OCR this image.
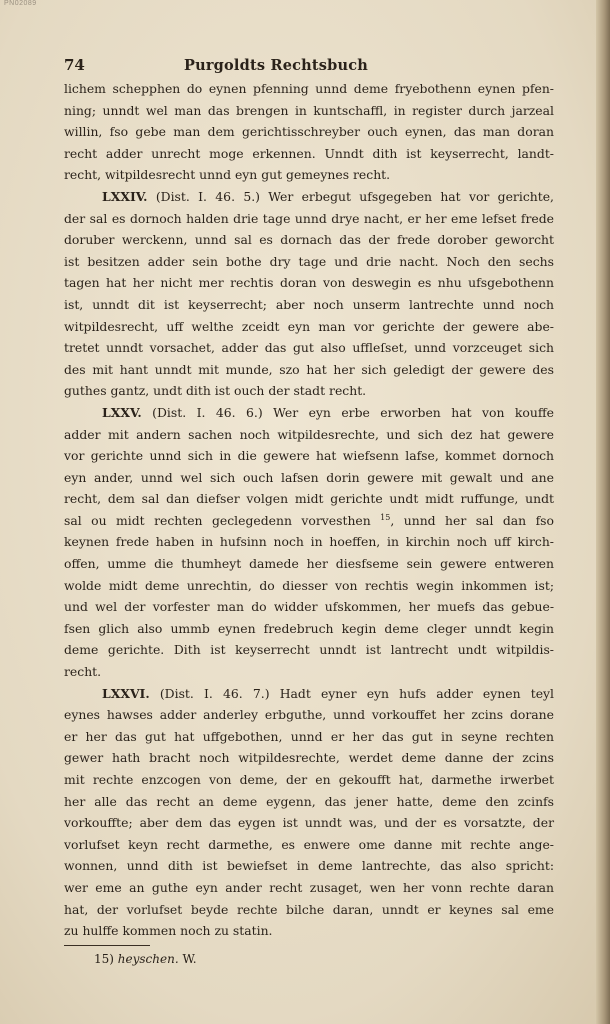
PN02089
74	Purgoldts Rechtsbuch
lichem schepphen do eynen pfenning unnd deme fryebothenn eynen pfen-
ning; unndt wel man das brengen in kuntschaffl, in register durch jarzeal
willin, fso gebe man dem gerichtisschreyber ouch eynen, das man doran
recht adder unrecht moge erkennen. Unndt dith ist keyserrecht, landt-
recht, witpildesrecht unnd eyn gut gemeynes recht.
LXXIV. (Dist. I. 46. 5.) Wer erbegut ufsgegeben hat vor gerichte,
der sal es dornoch halden drie tage unnd drye nacht, er her eme lefset frede
doruber werckenn, unnd sal es dornach das der frede dorober geworcht
ist besitzen adder sein bothe dry tage und drie nacht. Noch den sechs
tagen hat her nicht mer rechtis doran von deswegin es nhu ufsgebothenn
ist, unndt dit ist keyserrecht; aber noch unserm lantrechte unnd noch
witpildesrecht, uff welthe zceidt eyn man vor gerichte der gewere abe-
tretet unndt vorsachet, adder das gut also uffleſset, unnd vorzceuget sich
des mit hant unndt mit munde, szo hat her sich geledigt der gewere des
guthes gantz, undt dith ist ouch der stadt recht.
LXXV. (Dist. I. 46. 6.) Wer eyn erbe erworben hat von kouffe
adder mit andern sachen noch witpildesrechte, und sich dez hat gewere
vor gerichte unnd sich in die gewere hat wiefsenn lafse, kommet dornoch
eyn ander, unnd wel sich ouch lafsen dorin gewere mit gewalt und ane
recht, dem sal dan diefser volgen midt gerichte undt midt ruffunge, undt
sal ou midt rechten geclegedenn vorvesthen $^{15}$, unnd her sal dan fso
keynen frede haben in hufsinn noch in hoeffen, in kirchin noch uff kirch-
offen, umme die thumheyt damede her diesfseme sein gewere entweren
wolde midt deme unrechtin, do diesser von rechtis wegin inkommen ist;
und wel der vorfester man do widder ufskommen, her muefs das gebue-
fsen glich also ummb eynen fredebruch kegin deme cleger unndt kegin
deme gerichte. Dith ist keyserrecht unndt ist lantrecht undt witpildis-
recht.
LXXVI. (Dist. I. 46. 7.) Hadt eyner eyn hufs adder eynen teyl
eynes hawses adder anderley erbguthe, unnd vorkouffet her zcins dorane
er her das gut hat uffgebothen, unnd er her das gut in seyne rechten
gewer hath bracht noch witpildesrechte, werdet deme danne der zcins
mit rechte enzcogen von deme, der en gekoufft hat, darmethe irwerbet
her alle das recht an deme eygenn, das jener hatte, deme den zcinfs
vorkouffte; aber dem das eygen ist unndt was, und der es vorsatzte, der
vorlufset keyn recht darmethe, es enwere ome danne mit rechte ange-
wonnen, unnd dith ist bewiefset in deme lantrechte, das also spricht:
wer eme an guthe eyn ander recht zusaget, wen her vonn rechte daran
hat, der vorlufset beyde rechte bilche daran, unndt er keynes sal eme
zu hulffe kommen noch zu statin.
15) heyschen. W.
